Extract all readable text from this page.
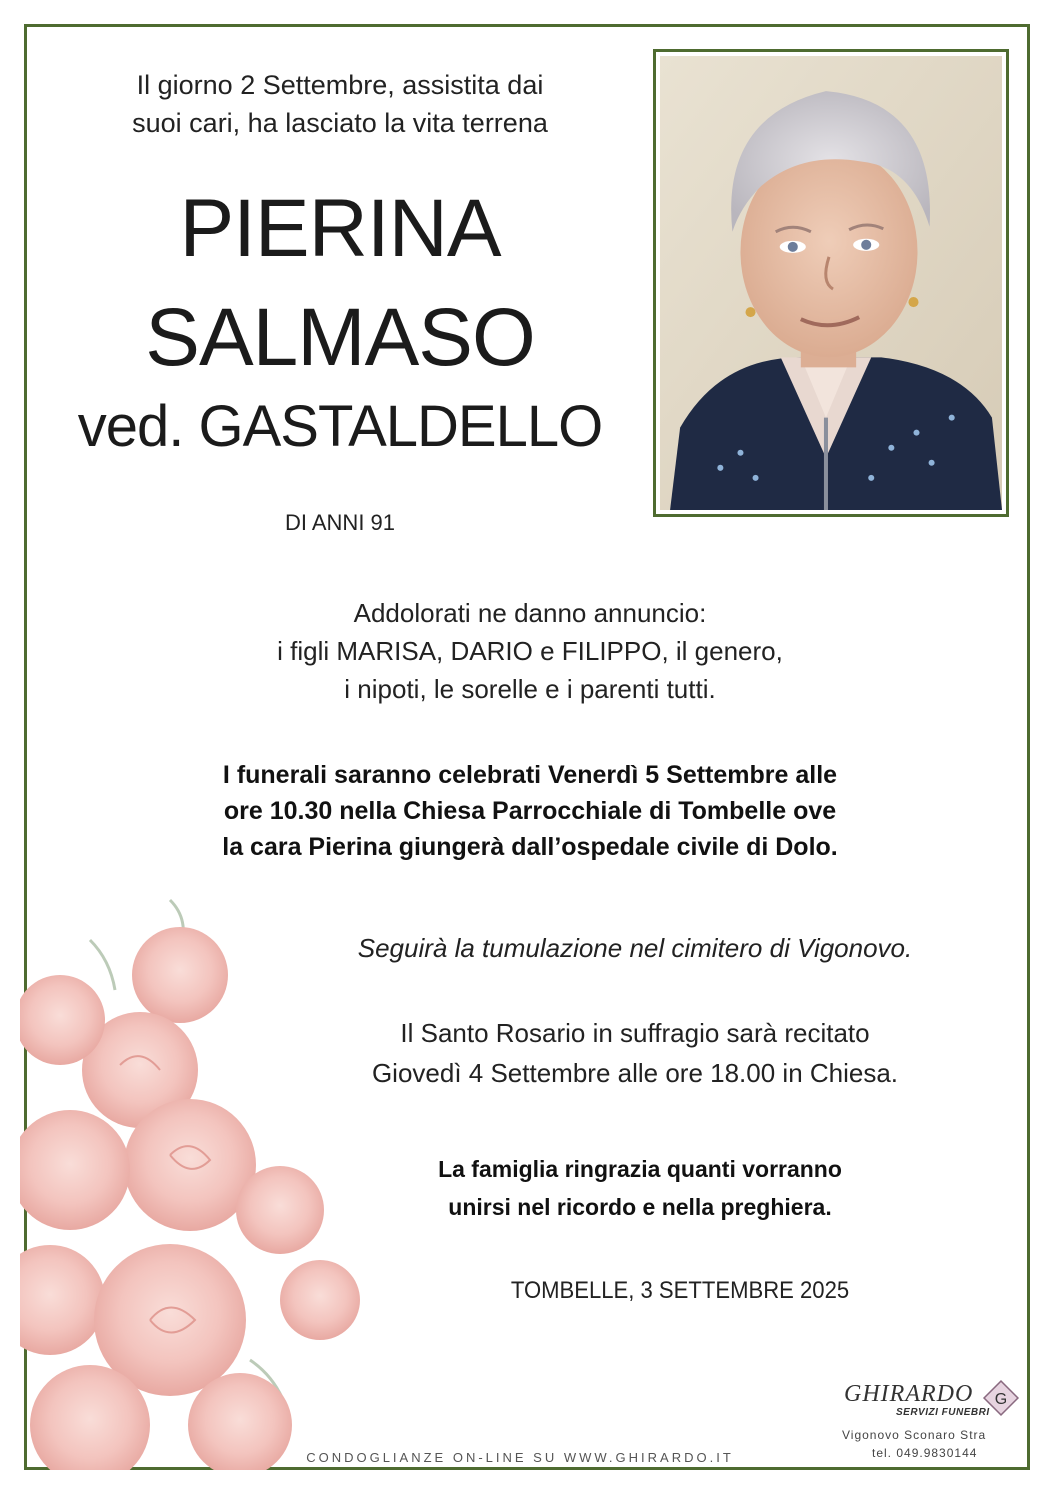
Il giorno 2 Settembre, assistita dai
suoi cari, ha lasciato la vita terrena
PIERINA
SALMASO
ved. GASTALDELLO
DI ANNI 91
Addolorati ne danno annuncio:
i figli MARISA, DARIO e FILIPPO, il genero,
i nipoti, le sorelle e i parenti tutti.
I funerali saranno celebrati Venerdì 5 Settembre alle
ore 10.30 nella Chiesa Parrocchiale di Tombelle ove
la cara Pierina giungerà dall’ospedale civile di Dolo.
Seguirà la tumulazione nel cimitero di Vigonovo.
Il Santo Rosario in suffragio sarà recitato
Giovedì 4 Settembre alle ore 18.00 in Chiesa.
La famiglia ringrazia quanti vorranno
unirsi nel ricordo e nella preghiera.
TOMBELLE, 3 SETTEMBRE 2025
CONDOGLIANZE ON-LINE SU WWW.GHIRARDO.IT
GHIRARDO
SERVIZI FUNEBRI
G
Vigonovo Sconaro Stra
tel. 049.9830144
